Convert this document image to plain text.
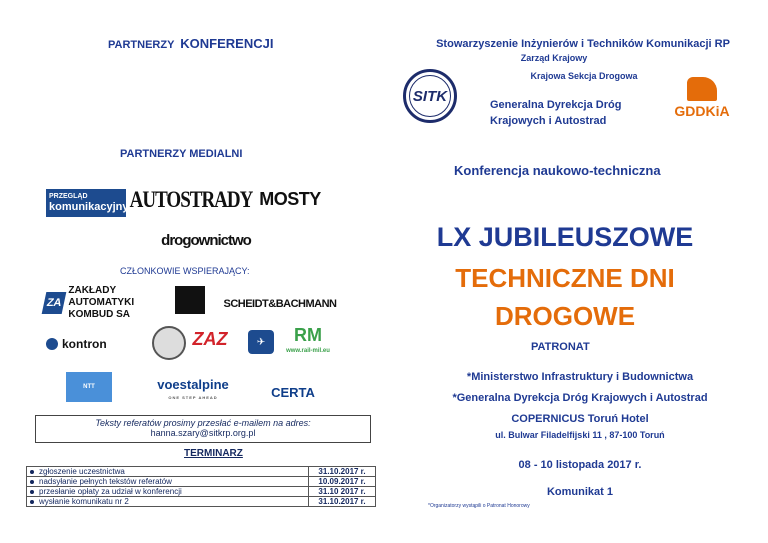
PARTNERZY KONFERENCJI
PARTNERZY MEDIALNI
PRZEGLĄD
komunikacyjny AUTOSTRADY MOSTY
drogownictwo
CZŁONKOWIE WSPIERAJĄCY:
ZA
ZAKŁADY AUTOMATYKI
KOMBUD SA
SCHEIDT&BACHMANN
kontron	ZAZ	✈	RM
www.rail-mil.eu
NTT	voestalpine
ONE STEP AHEAD	CERTA
Teksty referatów prosimy przesłać e-mailem na adres:
hanna.szary@sitkrp.org.pl
TERMINARZ
zgłoszenie uczestnictwa	31.10.2017 r.
nadsyłanie pełnych tekstów referatów	10.09.2017 r.
przesłanie opłaty za udział w konferencji	31.10 2017 r.
wysłanie komunikatu nr 2	31.10.2017 r.
Stowarzyszenie Inżynierów i Techników Komunikacji RP
Zarząd Krajowy
Krajowa Sekcja Drogowa
SITK
Generalna Dyrekcja Dróg
Krajowych i Autostrad
GDDKiA
Konferencja naukowo-techniczna
LX JUBILEUSZOWE
TECHNICZNE DNI
DROGOWE
PATRONAT
*Ministerstwo Infrastruktury i Budownictwa
*Generalna Dyrekcja Dróg Krajowych i Autostrad
COPERNICUS Toruń Hotel
ul. Bulwar Filadelfijski 11 , 87-100 Toruń
08 - 10 listopada 2017 r.
Komunikat 1
*Organizatorzy wystąpili o Patronat Honorowy
